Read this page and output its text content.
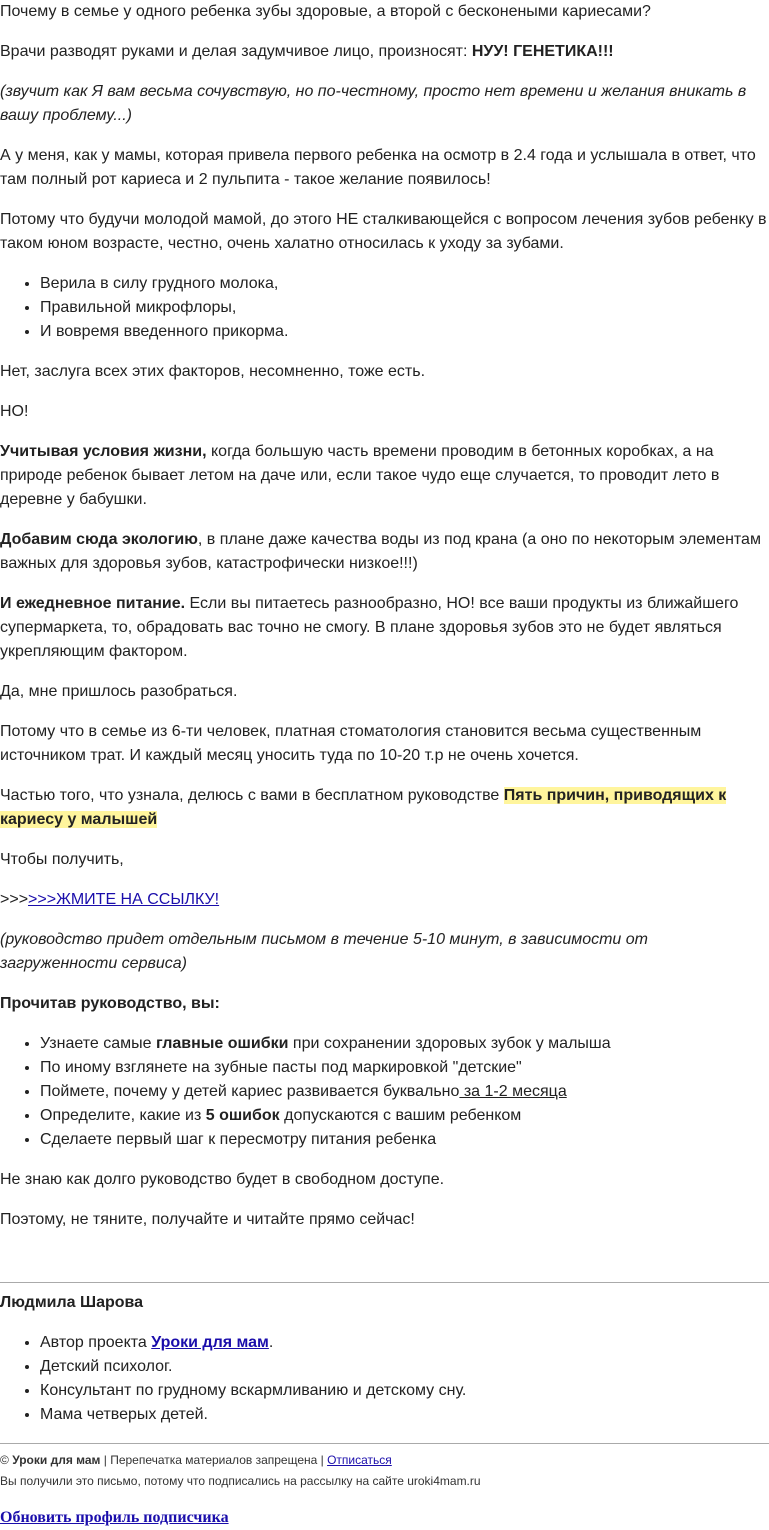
Почему в семье у одного ребенка зубы здоровые, а второй с бесконеными кариесами?

Врачи разводят руками и делая задумчивое лицо, произносят: НУУ! ГЕНЕТИКА!!!

(звучит как Я вам весьма сочувствую, но по-честному, просто нет времени и желания вникать в вашу проблему...)

А у меня, как у мамы, которая привела первого ребенка на осмотр в 2.4 года и услышала в ответ, что там полный рот кариеса и 2 пульпита - такое желание появилось!

Потому что будучи молодой мамой, до этого НЕ сталкивающейся с вопросом лечения зубов ребенку в таком юном возрасте, честно, очень халатно относилась к уходу за зубами.

• Верила в силу грудного молока,
• Правильной микрофлоры,
• И вовремя введенного прикорма.

Нет, заслуга всех этих факторов, несомненно, тоже есть.

НО!

Учитывая условия жизни, когда большую часть времени проводим в бетонных коробках, а на природе ребенок бывает летом на даче или, если такое чудо еще случается, то проводит лето в деревне у бабушки.

Добавим сюда экологию, в плане даже качества воды из под крана (а оно по некоторым элементам важных для здоровья зубов, катастрофически низкое!!!)

И ежедневное питание. Если вы питаетесь разнообразно, НО! все ваши продукты из ближайшего супермаркета, то, обрадовать вас точно не смогу. В плане здоровья зубов это не будет являться укрепляющим фактором.

Да, мне пришлось разобраться.

Потому что в семье из 6-ти человек, платная стоматология становится весьма существенным источником трат. И каждый месяц уносить туда по 10-20 т.р не очень хочется.

Частью того, что узнала, делюсь с вами в бесплатном руководстве Пять причин, приводящих к кариесу у малышей

Чтобы получить,

>>>>>>ЖМИТЕ НА ССЫЛКУ!

(руководство придет отдельным письмом в течение 5-10 минут, в зависимости от загруженности сервиса)

Прочитав руководство, вы:

• Узнаете самые главные ошибки при сохранении здоровых зубок у малыша
• По иному взглянете на зубные пасты под маркировкой "детские"
• Поймете, почему у детей кариес развивается буквально за 1-2 месяца
• Определите, какие из 5 ошибок допускаются с вашим ребенком
• Сделаете первый шаг к пересмотру питания ребенка

Не знаю как долго руководство будет в свободном доступе.

Поэтому, не тяните, получайте и читайте прямо сейчас!

Людмила Шарова

• Автор проекта Уроки для мам.
• Детский психолог.
• Консультант по грудному вскармливанию и детскому сну.
• Мама четверых детей.

© Уроки для мам | Перепечатка материалов запрещена | Отписаться

Вы получили это письмо, потому что подписались на рассылку на сайте uroki4mam.ru

Обновить профиль подписчика
